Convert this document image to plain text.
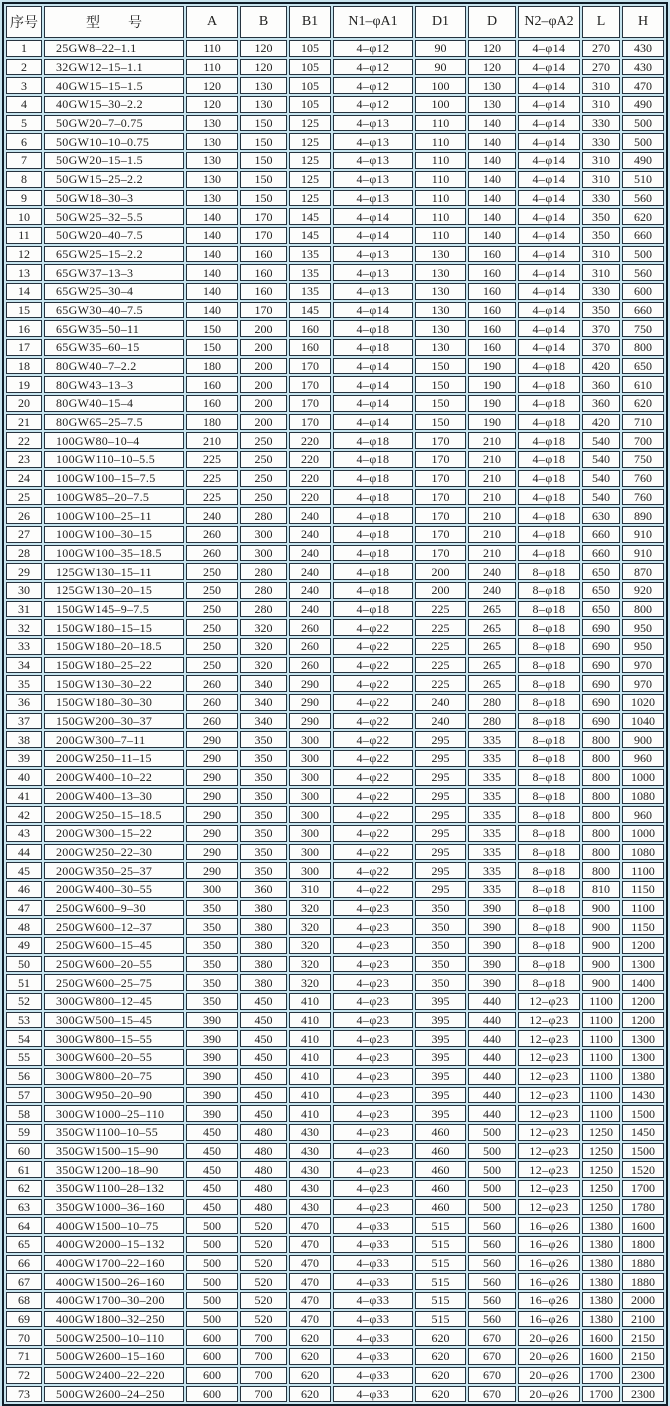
序号	型　　号	A	B	B1	N1–φA1	D1	D	N2–φA2	L	H
1	25GW8–22–1.1	110	120	105	4–φ12	90	120	4–φ14	270	430
2	32GW12–15–1.1	110	120	105	4–φ12	90	120	4–φ14	270	430
3	40GW15–15–1.5	120	130	105	4–φ12	100	130	4–φ14	310	470
4	40GW15–30–2.2	120	130	105	4–φ12	100	130	4–φ14	310	490
5	50GW20–7–0.75	130	150	125	4–φ13	110	140	4–φ14	330	500
6	50GW10–10–0.75	130	150	125	4–φ13	110	140	4–φ14	330	500
7	50GW20–15–1.5	130	150	125	4–φ13	110	140	4–φ14	310	490
8	50GW15–25–2.2	130	150	125	4–φ13	110	140	4–φ14	310	510
9	50GW18–30–3	130	150	125	4–φ13	110	140	4–φ14	330	560
10	50GW25–32–5.5	140	170	145	4–φ14	110	140	4–φ14	350	620
11	50GW20–40–7.5	140	170	145	4–φ14	110	140	4–φ14	350	660
12	65GW25–15–2.2	140	160	135	4–φ13	130	160	4–φ14	310	500
13	65GW37–13–3	140	160	135	4–φ13	130	160	4–φ14	310	560
14	65GW25–30–4	140	160	135	4–φ13	130	160	4–φ14	330	600
15	65GW30–40–7.5	140	170	145	4–φ14	130	160	4–φ14	350	660
16	65GW35–50–11	150	200	160	4–φ18	130	160	4–φ14	370	750
17	65GW35–60–15	150	200	160	4–φ18	130	160	4–φ14	370	800
18	80GW40–7–2.2	180	200	170	4–φ14	150	190	4–φ18	420	650
19	80GW43–13–3	160	200	170	4–φ14	150	190	4–φ18	360	610
20	80GW40–15–4	160	200	170	4–φ14	150	190	4–φ18	360	620
21	80GW65–25–7.5	180	200	170	4–φ14	150	190	4–φ18	420	710
22	100GW80–10–4	210	250	220	4–φ18	170	210	4–φ18	540	700
23	100GW110–10–5.5	225	250	220	4–φ18	170	210	4–φ18	540	750
24	100GW100–15–7.5	225	250	220	4–φ18	170	210	4–φ18	540	760
25	100GW85–20–7.5	225	250	220	4–φ18	170	210	4–φ18	540	760
26	100GW100–25–11	240	280	240	4–φ18	170	210	4–φ18	630	890
27	100GW100–30–15	260	300	240	4–φ18	170	210	4–φ18	660	910
28	100GW100–35–18.5	260	300	240	4–φ18	170	210	4–φ18	660	910
29	125GW130–15–11	250	280	240	4–φ18	200	240	8–φ18	650	870
30	125GW130–20–15	250	280	240	4–φ18	200	240	8–φ18	650	920
31	150GW145–9–7.5	250	280	240	4–φ18	225	265	8–φ18	650	800
32	150GW180–15–15	250	320	260	4–φ22	225	265	8–φ18	690	950
33	150GW180–20–18.5	250	320	260	4–φ22	225	265	8–φ18	690	950
34	150GW180–25–22	250	320	260	4–φ22	225	265	8–φ18	690	970
35	150GW130–30–22	260	340	290	4–φ22	225	265	8–φ18	690	970
36	150GW180–30–30	260	340	290	4–φ22	240	280	8–φ18	690	1020
37	150GW200–30–37	260	340	290	4–φ22	240	280	8–φ18	690	1040
38	200GW300–7–11	290	350	300	4–φ22	295	335	8–φ18	800	900
39	200GW250–11–15	290	350	300	4–φ22	295	335	8–φ18	800	960
40	200GW400–10–22	290	350	300	4–φ22	295	335	8–φ18	800	1000
41	200GW400–13–30	290	350	300	4–φ22	295	335	8–φ18	800	1080
42	200GW250–15–18.5	290	350	300	4–φ22	295	335	8–φ18	800	960
43	200GW300–15–22	290	350	300	4–φ22	295	335	8–φ18	800	1000
44	200GW250–22–30	290	350	300	4–φ22	295	335	8–φ18	800	1080
45	200GW350–25–37	290	350	300	4–φ22	295	335	8–φ18	800	1100
46	200GW400–30–55	300	360	310	4–φ22	295	335	8–φ18	810	1150
47	250GW600–9–30	350	380	320	4–φ23	350	390	8–φ18	900	1100
48	250GW600–12–37	350	380	320	4–φ23	350	390	8–φ18	900	1150
49	250GW600–15–45	350	380	320	4–φ23	350	390	8–φ18	900	1200
50	250GW600–20–55	350	380	320	4–φ23	350	390	8–φ18	900	1300
51	250GW600–25–75	350	380	320	4–φ23	350	390	8–φ18	900	1400
52	300GW800–12–45	350	450	410	4–φ23	395	440	12–φ23	1100	1200
53	300GW500–15–45	390	450	410	4–φ23	395	440	12–φ23	1100	1200
54	300GW800–15–55	390	450	410	4–φ23	395	440	12–φ23	1100	1300
55	300GW600–20–55	390	450	410	4–φ23	395	440	12–φ23	1100	1300
56	300GW800–20–75	390	450	410	4–φ23	395	440	12–φ23	1100	1380
57	300GW950–20–90	390	450	410	4–φ23	395	440	12–φ23	1100	1430
58	300GW1000–25–110	390	450	410	4–φ23	395	440	12–φ23	1100	1500
59	350GW1100–10–55	450	480	430	4–φ23	460	500	12–φ23	1250	1450
60	350GW1500–15–90	450	480	430	4–φ23	460	500	12–φ23	1250	1500
61	350GW1200–18–90	450	480	430	4–φ23	460	500	12–φ23	1250	1520
62	350GW1100–28–132	450	480	430	4–φ23	460	500	12–φ23	1250	1700
63	350GW1000–36–160	450	480	430	4–φ23	460	500	12–φ23	1250	1780
64	400GW1500–10–75	500	520	470	4–φ33	515	560	16–φ26	1380	1600
65	400GW2000–15–132	500	520	470	4–φ33	515	560	16–φ26	1380	1800
66	400GW1700–22–160	500	520	470	4–φ33	515	560	16–φ26	1380	1880
67	400GW1500–26–160	500	520	470	4–φ33	515	560	16–φ26	1380	1880
68	400GW1700–30–200	500	520	470	4–φ33	515	560	16–φ26	1380	2000
69	400GW1800–32–250	500	520	470	4–φ33	515	560	16–φ26	1380	2100
70	500GW2500–10–110	600	700	620	4–φ33	620	670	20–φ26	1600	2150
71	500GW2600–15–160	600	700	620	4–φ33	620	670	20–φ26	1600	2150
72	500GW2400–22–220	600	700	620	4–φ33	620	670	20–φ26	1700	2300
73	500GW2600–24–250	600	700	620	4–φ33	620	670	20–φ26	1700	2300
